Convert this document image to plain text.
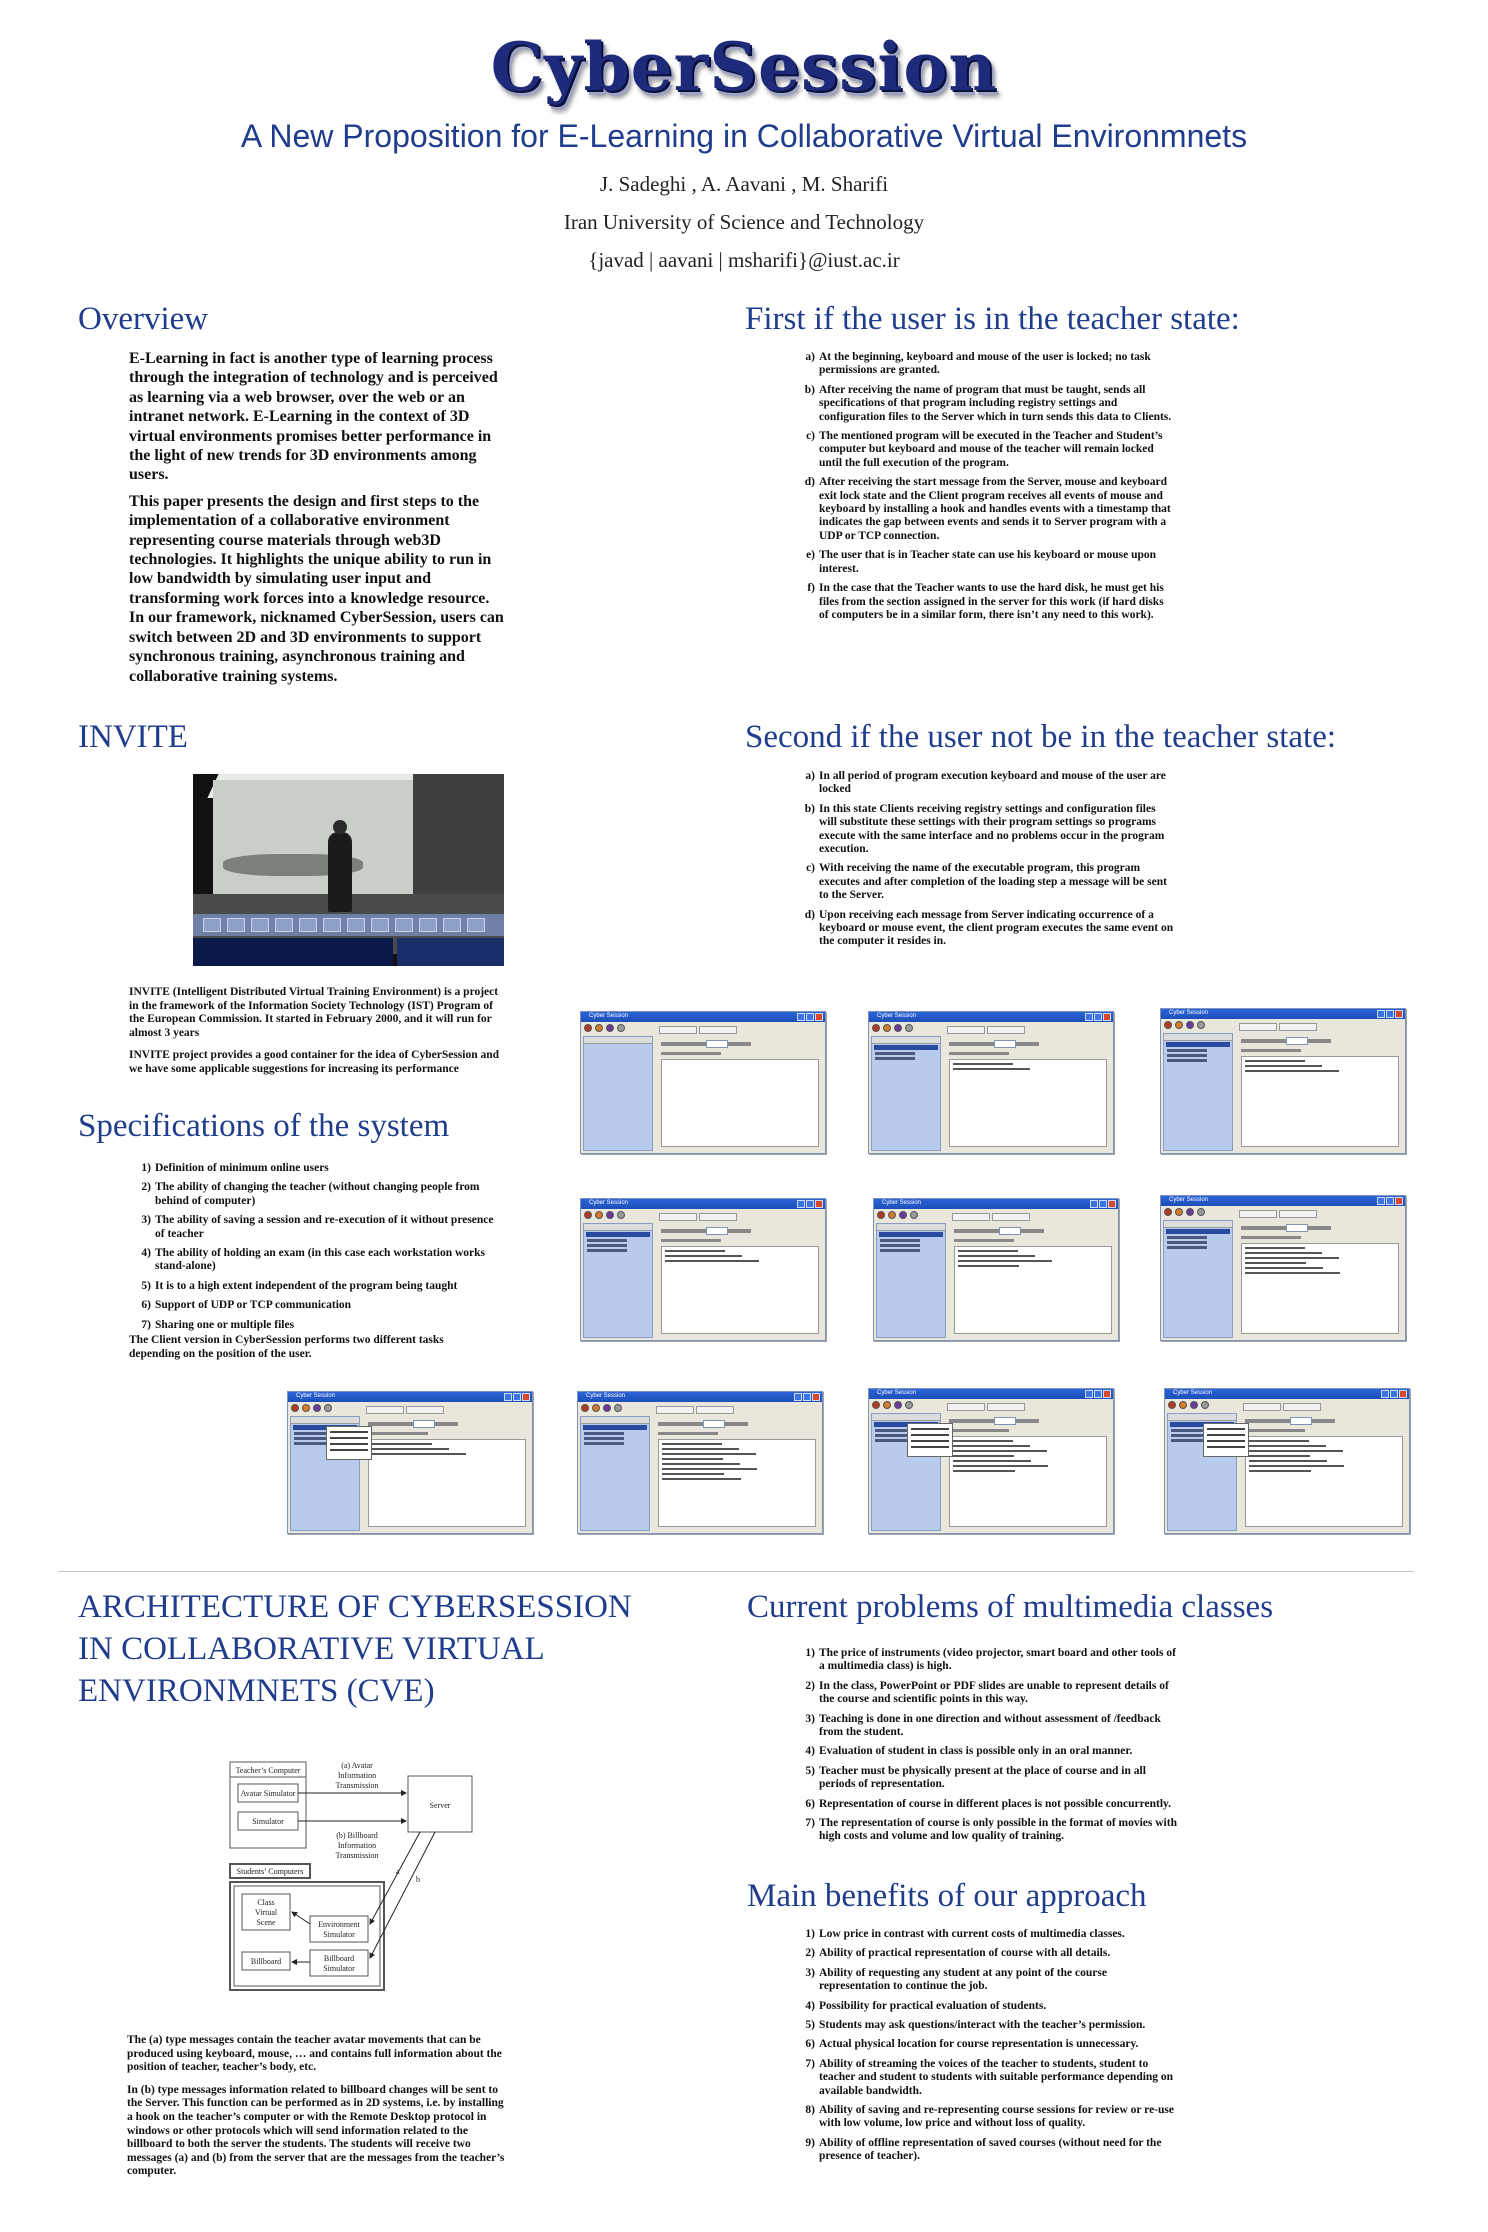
CyberSession
A New Proposition for E-Learning in Collaborative Virtual Environmnets
J. Sadeghi , A. Aavani , M. Sharifi
Iran University of Science and Technology
{javad | aavani | msharifi}@iust.ac.ir
Overview

E-Learning in fact is another type of learning process through the integration of technology and is perceived as learning via a web browser, over the web or an intranet network. E-Learning in the context of 3D virtual environments promises better performance in the light of new trends for 3D environments among users.

This paper presents the design and first steps to the implementation of a collaborative environment representing course materials through web3D technologies. It highlights the unique ability to run in low bandwidth by simulating user input and transforming work forces into a knowledge resource. In our framework, nicknamed CyberSession, users can switch between 2D and 3D environments to support synchronous training, asynchronous training and collaborative training systems.

INVITE

INVITE (Intelligent Distributed Virtual Training Environment) is a project in the framework of the Information Society Technology (IST) Program of the European Commission. It started in February 2000, and it will run for almost 3 years

INVITE project provides a good container for the idea of CyberSession and we have some applicable suggestions for increasing its performance

Specifications of the system
1) Definition of minimum online users
2) The ability of changing the teacher (without changing people from behind of computer)
3) The ability of saving a session and re-execution of it without presence of teacher
4) The ability of holding an exam (in this case each workstation works stand-alone)
5) It is to a high extent independent of the program being taught
6) Support of UDP or TCP communication
7) Sharing one or multiple files
The Client version in CyberSession performs two different tasks depending on the position of the user.
First if the user is in the teacher state:
a) At the beginning, keyboard and mouse of the user is locked; no task permissions are granted.
b) After receiving the name of program that must be taught, sends all specifications of that program including registry settings and configuration files to the Server which in turn sends this data to Clients.
c) The mentioned program will be executed in the Teacher and Student’s computer but keyboard and mouse of the teacher will remain locked until the full execution of the program.
d) After receiving the start message from the Server, mouse and keyboard exit lock state and the Client program receives all events of mouse and keyboard by installing a hook and handles events with a timestamp that indicates the gap between events and sends it to Server program with a UDP or TCP connection.
e) The user that is in Teacher state can use his keyboard or mouse upon interest.
f) In the case that the Teacher wants to use the hard disk, he must get his files from the section assigned in the server for this work (if hard disks of computers be in a similar form, there isn’t any need to this work).
Second if the user not be in the teacher state:
a) In all period of program execution keyboard and mouse of the user are locked
b) In this state Clients receiving registry settings and configuration files will substitute these settings with their program settings so programs execute with the same interface and no problems occur in the program execution.
c) With receiving the name of the executable program, this program executes and after completion of the loading step a message will be sent to the Server.
d) Upon receiving each message from Server indicating occurrence of a keyboard or mouse event, the client program executes the same event on the computer it resides in.
Cyber Session	Cyber Session	Cyber Session
Cyber Session	Cyber Session	Cyber Session
Cyber Session	Cyber Session	Cyber Session	Cyber Session
ARCHITECTURE OF CYBERSESSION
IN COLLABORATIVE VIRTUAL
ENVIRONMNETS (CVE)
Teacher’s Computer
Avatar Simulator
Simulator
Server
(a) Avatar
Information
Transmission
(b) Billboard
Information
Transmission
Students’ Computers
Class
Virtual
Scene	Environment
Simulator
Billboard	Billboard
Simulator
a
b

The (a) type messages contain the teacher avatar movements that can be produced using keyboard, mouse, … and contains full information about the position of teacher, teacher’s body, etc.

In (b) type messages information related to billboard changes will be sent to the Server. This function can be performed as in 2D systems, i.e. by installing a hook on the teacher’s computer or with the Remote Desktop protocol in windows or other protocols which will send information related to the billboard to both the server the students. The students will receive two messages (a) and (b) from the server that are the messages from the teacher’s computer.

Current problems of multimedia classes
1) The price of instruments (video projector, smart board and other tools of a multimedia class) is high.
2) In the class, PowerPoint or PDF slides are unable to represent details of the course and scientific points in this way.
3) Teaching is done in one direction and without assessment of /feedback from the student.
4) Evaluation of student in class is possible only in an oral manner.
5) Teacher must be physically present at the place of course and in all periods of representation.
6) Representation of course in different places is not possible concurrently.
7) The representation of course is only possible in the format of movies with high costs and volume and low quality of training.
Main benefits of our approach
1) Low price in contrast with current costs of multimedia classes.
2) Ability of practical representation of course with all details.
3) Ability of requesting any student at any point of the course representation to continue the job.
4) Possibility for practical evaluation of students.
5) Students may ask questions/interact with the teacher’s permission.
6) Actual physical location for course representation is unnecessary.
7) Ability of streaming the voices of the teacher to students, student to teacher and student to students with suitable performance depending on available bandwidth.
8) Ability of saving and re-representing course sessions for review or re-use with low volume, low price and without loss of quality.
9) Ability of offline representation of saved courses (without need for the presence of teacher).
